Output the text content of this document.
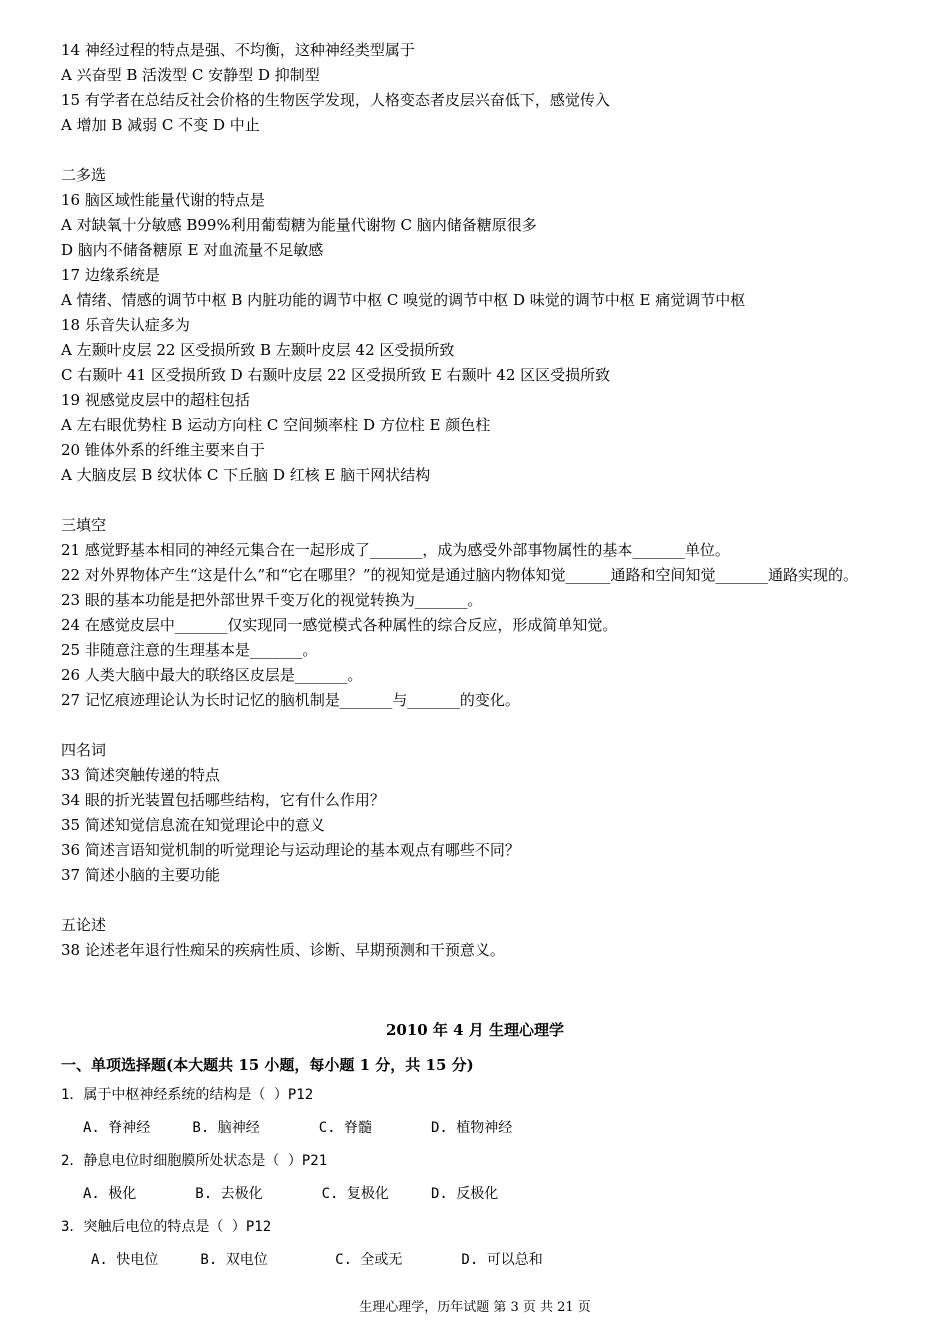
14 神经过程的特点是强、不均衡，这种神经类型属于
A 兴奋型 B 活泼型 C 安静型 D 抑制型
15 有学者在总结反社会价格的生物医学发现，人格变态者皮层兴奋低下，感觉传入
A 增加 B 减弱 C 不变 D 中止
二多选
16 脑区域性能量代谢的特点是
A 对缺氧十分敏感 B99%利用葡萄糖为能量代谢物 C 脑内储备糖原很多
D 脑内不储备糖原 E 对血流量不足敏感
17 边缘系统是
A 情绪、情感的调节中枢 B 内脏功能的调节中枢 C 嗅觉的调节中枢 D 味觉的调节中枢 E 痛觉调节中枢
18 乐音失认症多为
A 左颞叶皮层 22 区受损所致 B 左颞叶皮层 42 区受损所致
C 右颞叶 41 区受损所致 D 右颞叶皮层 22 区受损所致 E 右颞叶 42 区区受损所致
19 视感觉皮层中的超柱包括
A 左右眼优势柱 B 运动方向柱 C 空间频率柱 D 方位柱 E 颜色柱
20 锥体外系的纤维主要来自于
A 大脑皮层 B 纹状体 C 下丘脑 D 红核 E 脑干网状结构
三填空
21 感觉野基本相同的神经元集合在一起形成了_______，成为感受外部事物属性的基本_______单位。
22 对外界物体产生“这是什么”和“它在哪里？”的视知觉是通过脑内物体知觉______通路和空间知觉_______通路实现的。
23 眼的基本功能是把外部世界千变万化的视觉转换为_______。
24 在感觉皮层中_______仅实现同一感觉模式各种属性的综合反应，形成简单知觉。
25 非随意注意的生理基本是_______。
26 人类大脑中最大的联络区皮层是_______。
27 记忆痕迹理论认为长时记忆的脑机制是_______与_______的变化。
四名词
33 简述突触传递的特点
34 眼的折光装置包括哪些结构，它有什么作用？
35 简述知觉信息流在知觉理论中的意义
36 简述言语知觉机制的听觉理论与运动理论的基本观点有哪些不同？
37 简述小脑的主要功能
五论述
38 论述老年退行性痴呆的疾病性质、诊断、早期预测和干预意义。
2010 年 4 月 生理心理学
一、单项选择题(本大题共 15 小题，每小题 1 分，共 15 分)
1．属于中枢神经系统的结构是（ ）P12
A. 脊神经     B. 脑神经       C. 脊髓       D. 植物神经
2．静息电位时细胞膜所处状态是（ ）P21
A. 极化       B. 去极化       C. 复极化     D. 反极化
3．突触后电位的特点是（ ）P12
A. 快电位     B. 双电位        C. 全或无       D. 可以总和
生理心理学，历年试题 第 3 页 共 21 页
